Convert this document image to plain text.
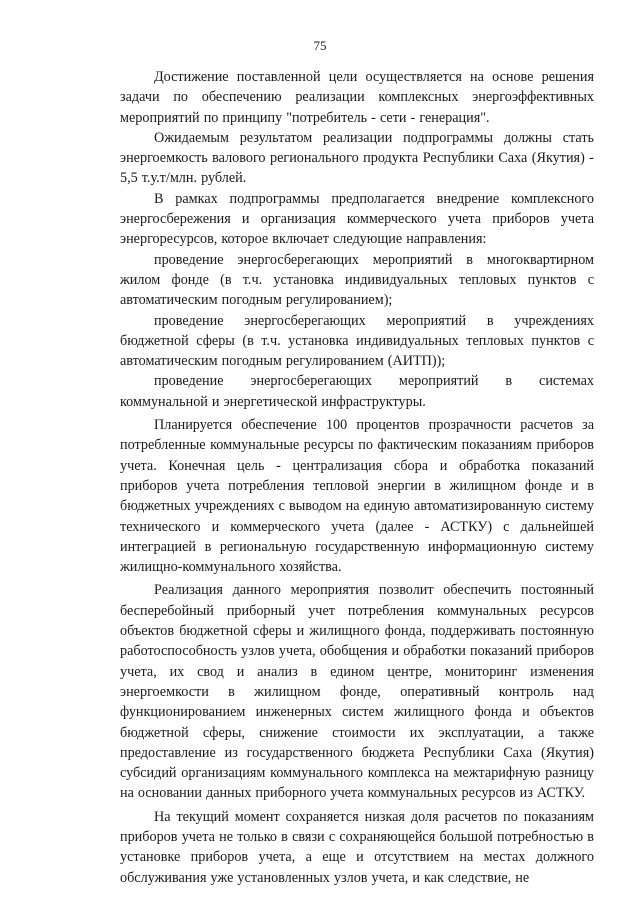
75

Достижение поставленной цели осуществляется на основе решения задачи по обеспечению реализации комплексных энергоэффективных мероприятий по принципу "потребитель - сети - генерация".

Ожидаемым результатом реализации подпрограммы должны стать энергоемкость валового регионального продукта Республики Саха (Якутия) - 5,5 т.у.т/млн. рублей.

В рамках подпрограммы предполагается внедрение комплексного энергосбережения и организация коммерческого учета приборов учета энергоресурсов, которое включает следующие направления:

проведение энергосберегающих мероприятий в многоквартирном жилом фонде (в т.ч. установка индивидуальных тепловых пунктов с автоматическим погодным регулированием);

проведение энергосберегающих мероприятий в учреждениях бюджетной сферы (в т.ч. установка индивидуальных тепловых пунктов с автоматическим погодным регулированием (АИТП));

проведение энергосберегающих мероприятий в системах коммунальной и энергетической инфраструктуры.

Планируется обеспечение 100 процентов прозрачности расчетов за потребленные коммунальные ресурсы по фактическим показаниям приборов учета. Конечная цель - централизация сбора и обработка показаний приборов учета потребления тепловой энергии в жилищном фонде и в бюджетных учреждениях с выводом на единую автоматизированную систему технического и коммерческого учета (далее - АСТКУ) с дальнейшей интеграцией в региональную государственную информационную систему жилищно-коммунального хозяйства.

Реализация данного мероприятия позволит обеспечить постоянный бесперебойный приборный учет потребления коммунальных ресурсов объектов бюджетной сферы и жилищного фонда, поддерживать постоянную работоспособность узлов учета, обобщения и обработки показаний приборов учета, их свод и анализ в едином центре, мониторинг изменения энергоемкости в жилищном фонде, оперативный контроль над функционированием инженерных систем жилищного фонда и объектов бюджетной сферы, снижение стоимости их эксплуатации, а также предоставление из государственного бюджета Республики Саха (Якутия) субсидий организациям коммунального комплекса на межтарифную разницу на основании данных приборного учета коммунальных ресурсов из АСТКУ.

На текущий момент сохраняется низкая доля расчетов по показаниям приборов учета не только в связи с сохраняющейся большой потребностью в установке приборов учета, а еще и отсутствием на местах должного обслуживания уже установленных узлов учета, и как следствие, не
